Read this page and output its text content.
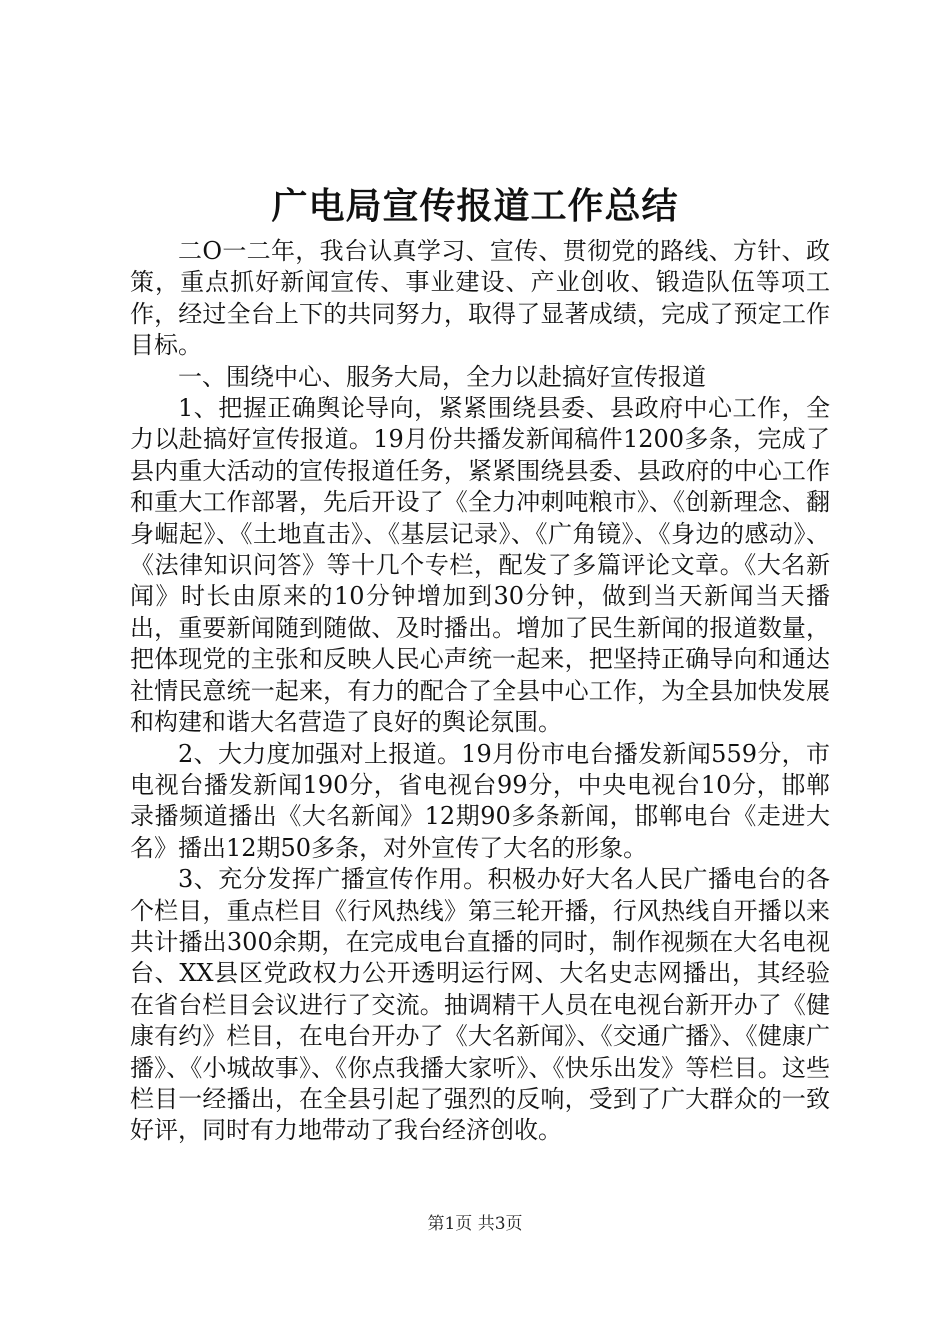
广电局宣传报道工作总结

二O一二年，我台认真学习、宣传、贯彻党的路线、方针、政策，重点抓好新闻宣传、事业建设、产业创收、锻造队伍等项工作，经过全台上下的共同努力，取得了显著成绩，完成了预定工作目标。

一、围绕中心、服务大局，全力以赴搞好宣传报道

1、把握正确舆论导向，紧紧围绕县委、县政府中心工作，全力以赴搞好宣传报道。19月份共播发新闻稿件1200多条，完成了县内重大活动的宣传报道任务，紧紧围绕县委、县政府的中心工作和重大工作部署，先后开设了《全力冲刺吨粮市》、《创新理念、翻身崛起》、《土地直击》、《基层记录》、《广角镜》、《身边的感动》、《法律知识问答》等十几个专栏，配发了多篇评论文章。《大名新闻》时长由原来的10分钟增加到30分钟，做到当天新闻当天播出，重要新闻随到随做、及时播出。增加了民生新闻的报道数量，把体现党的主张和反映人民心声统一起来，把坚持正确导向和通达社情民意统一起来，有力的配合了全县中心工作，为全县加快发展和构建和谐大名营造了良好的舆论氛围。

2、大力度加强对上报道。19月份市电台播发新闻559分，市电视台播发新闻190分，省电视台99分，中央电视台10分，邯郸录播频道播出《大名新闻》12期90多条新闻，邯郸电台《走进大名》播出12期50多条，对外宣传了大名的形象。

3、充分发挥广播宣传作用。积极办好大名人民广播电台的各个栏目，重点栏目《行风热线》第三轮开播，行风热线自开播以来共计播出300余期，在完成电台直播的同时，制作视频在大名电视台、XX县区党政权力公开透明运行网、大名史志网播出，其经验在省台栏目会议进行了交流。抽调精干人员在电视台新开办了《健康有约》栏目，在电台开办了《大名新闻》、《交通广播》、《健康广播》、《小城故事》、《你点我播大家听》、《快乐出发》等栏目。这些栏目一经播出，在全县引起了强烈的反响，受到了广大群众的一致好评，同时有力地带动了我台经济创收。

第1页 共3页
